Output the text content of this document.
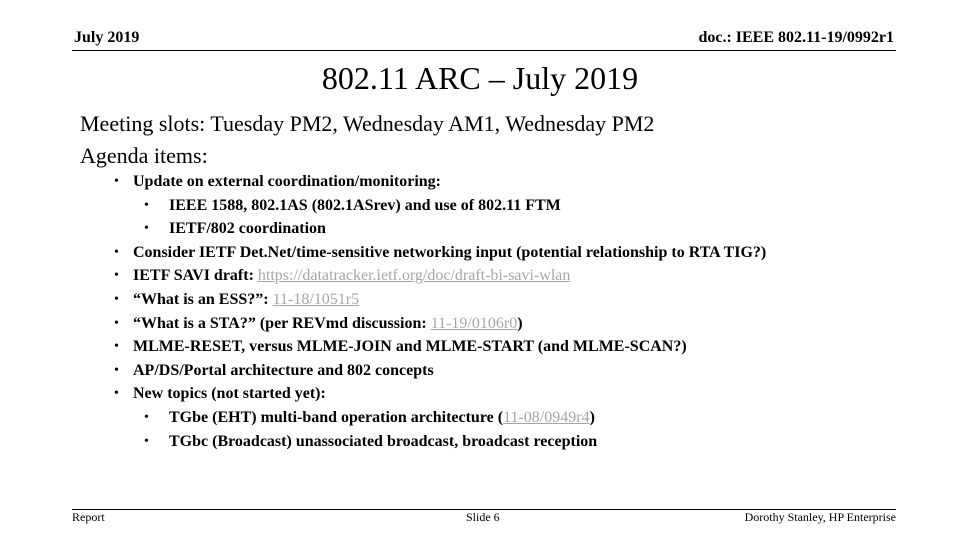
July 2019	doc.: IEEE 802.11-19/0992r1
802.11 ARC – July 2019
Meeting slots: Tuesday PM2, Wednesday AM1, Wednesday PM2
Agenda items:
• Update on external coordination/monitoring:
• IEEE 1588, 802.1AS (802.1ASrev) and use of 802.11 FTM
• IETF/802 coordination
• Consider IETF Det.Net/time-sensitive networking input (potential relationship to RTA TIG?)
• IETF SAVI draft: https://datatracker.ietf.org/doc/draft-bi-savi-wlan
• “What is an ESS?”: 11-18/1051r5
• “What is a STA?” (per REVmd discussion: 11-19/0106r0)
• MLME-RESET, versus MLME-JOIN and MLME-START (and MLME-SCAN?)
• AP/DS/Portal architecture and 802 concepts
• New topics (not started yet):
• TGbe (EHT) multi-band operation architecture (11-08/0949r4)
• TGbc (Broadcast) unassociated broadcast, broadcast reception
Report	Slide 6	Dorothy Stanley, HP Enterprise
